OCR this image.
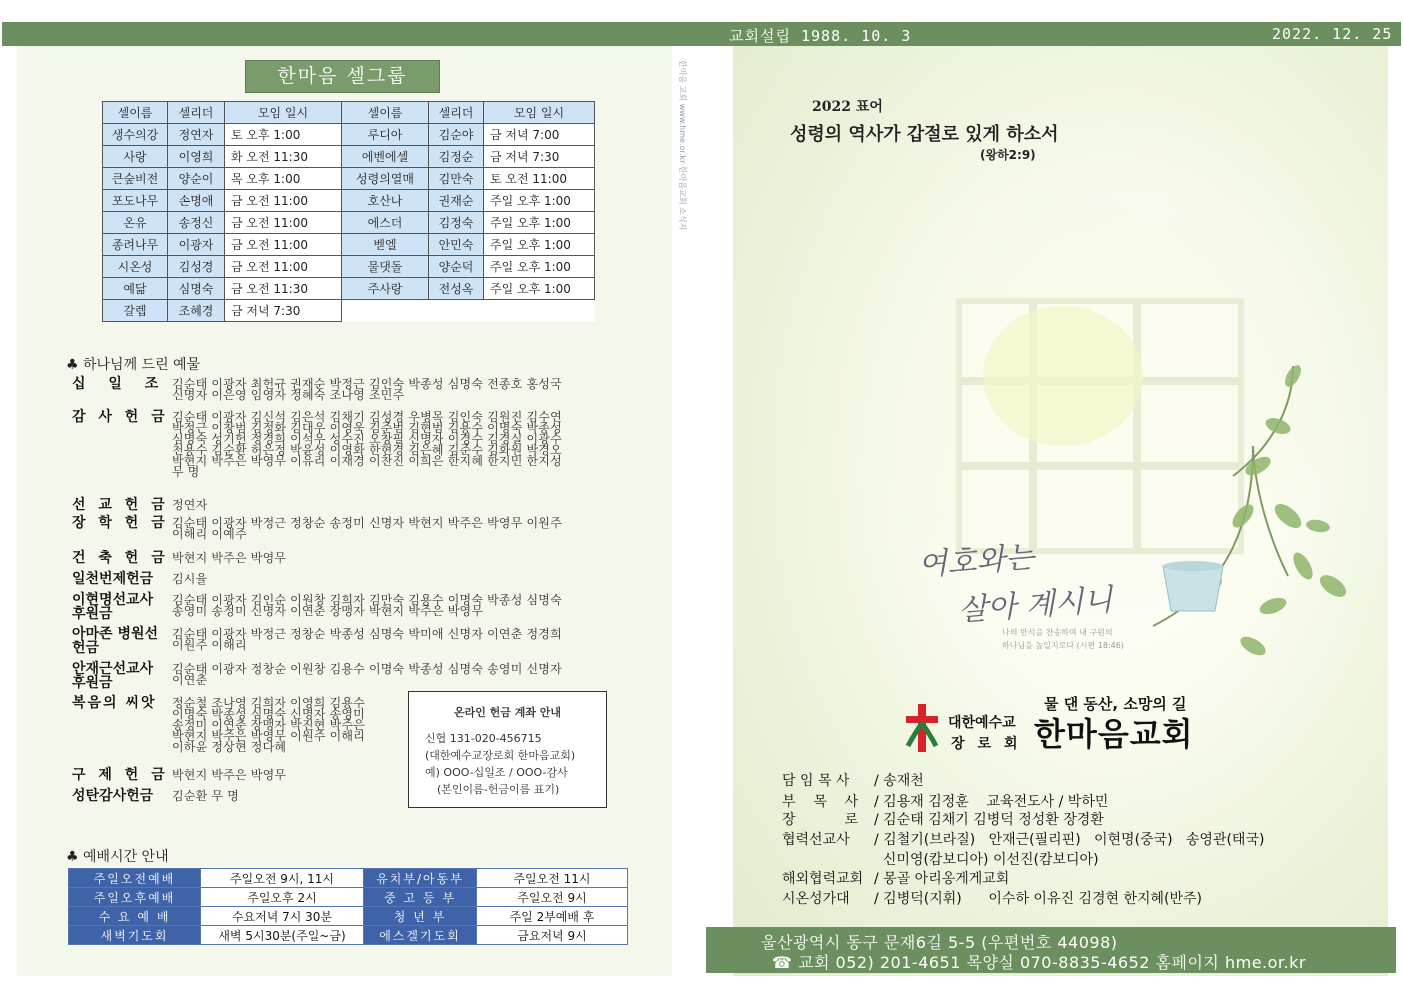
교회설립 1988. 10. 3	2022. 12. 25
한마음 교회 www.hme.or.kr 한마음교회 소식지
한마음 셀그룹
셀이름	셀리더	모임 일시	셀이름	셀리더	모임 일시
생수의강	정연자	토 오후 1:00	루디아	김순야	금 저녁 7:00
사랑	이영희	화 오전 11:30	에벤에셀	김정순	금 저녁 7:30
큰숲비전	양순이	목 오후 1:00	성령의열매	김만숙	토 오전 11:00
포도나무	손명애	금 오전 11:00	호산나	권재순	주일 오후 1:00
온유	송정신	금 오전 11:00	에스더	김정숙	주일 오후 1:00
종려나무	이광자	금 오전 11:00	벧엘	안민숙	주일 오후 1:00
시온성	김성경	금 오전 11:00	물댓돌	양순덕	주일 오후 1:00
예닮	심명숙	금 오전 11:30	주사랑	전성옥	주일 오후 1:00
갈렙	조혜경	금 저녁 7:30			
♣ 하나님께 드린 예물
십 일 조 김순태 이광자 최헌규 권재순 박정근 김인숙 박종성 심명숙 전종호 홍성국
신명자 이은영 임영자 정혜숙 조나영 조민주
감 사 헌 금 김순태 이광자 김신석 김은석 김채기 김성경 우병목 김인숙 김원진 김수연
박정근 이창범 김정화 김대우 이영욱 김준범 김현범 김용수 이명숙 박종성
심명숙 성기헌 정경희 이석우 성수진 오창필 신명자 이경수 김경실 이광수
천용수 김순환 허은정 박윤성 이영화 한현경 김은혜 김준수 김화원 박경오
박현지 박주은 박영무 이유리 이재경 이찬진 이희은 한지혜 한지민 한지성
무 명
선 교 헌 금 정연자
장 학 헌 금 김순태 이광자 박정근 정창순 송정미 신명자 박현지 박주은 박영무 이원주
이해리 이예주
건 축 헌 금 박현지 박주은 박영무
일천번제헌금	김시율
이현명선교사 후원금
김순태 이광자 김인순 이원창 김희자 김만숙 김용수 이명숙 박종성 심명숙
송영미 송정미 신명자 이연춘 장맹자 박현지 박주은 박영무
아마존 병원선헌금
김순태 이광자 박정근 정창순 박종성 심명숙 박미애 신명자 이연춘 정경희
이원주 이해리
안재근선교사 후원금
김순태 이광자 정창순 이원창 김용수 이명숙 박종성 심명숙 송영미 신명자
이연춘
복음의 씨앗	정순철 조나영 김희자 이영희 김용수
이명숙 박종성 심명숙 신명자 송영미
송정미 이연춘 장맹자 박진현 박주은
박현지 박주은 박영무 이원주 이해리
이하윤 정상현 정다혜
구 제 헌 금 박현지 박주은 박영무
성탄감사헌금	김순환 무 명
온라인 헌금 계좌 안내
신협 131-020-456715
(대한예수교장로회 한마음교회)
예) OOO-십일조 / OOO-감사
(본인이름-헌금이름 표기)
♣ 예배시간 안내
주일오전예배	주일오전 9시, 11시	유치부/아동부	주일오전 11시
주일오후예배	주일오후 2시	중 고 등 부	주일오전 9시
수 요 예 배	수요저녁 7시 30분	청 년 부	주일 2부예배 후
새벽기도회	새벽 5시30분(주일~금)	에스겔기도회	금요저녁 9시
2022 표어
성령의 역사가 갑절로 있게 하소서
(왕하2:9)
여호와는
살아 계시니
나의 반석을 찬송하며 내 구원의
하나님을 높일지로다 (시편 18:46)
물 댄 동산, 소망의 길
대한예수교
장로회 한마음교회
담 임 목 사	/ 송재천
부    목    사	/ 김용재 김정훈    교육전도사 / 박하민
장           로	/ 김순태 김채기 김병덕 정성환 장경환
협력선교사	/ 김철기(브라질)   안재근(필리핀)   이현명(중국)   송영관(태국)
신미영(캄보디아) 이선진(캄보디아)
해외협력교회 / 몽골 아리옹게게교회
시온성가대	/ 김병덕(지휘)      이수하 이유진 김경현 한지혜(반주)
울산광역시 동구 문재6길 5-5 (우편번호 44098)
☎ 교회 052) 201-4651 목양실 070-8835-4652 홈페이지 hme.or.kr
